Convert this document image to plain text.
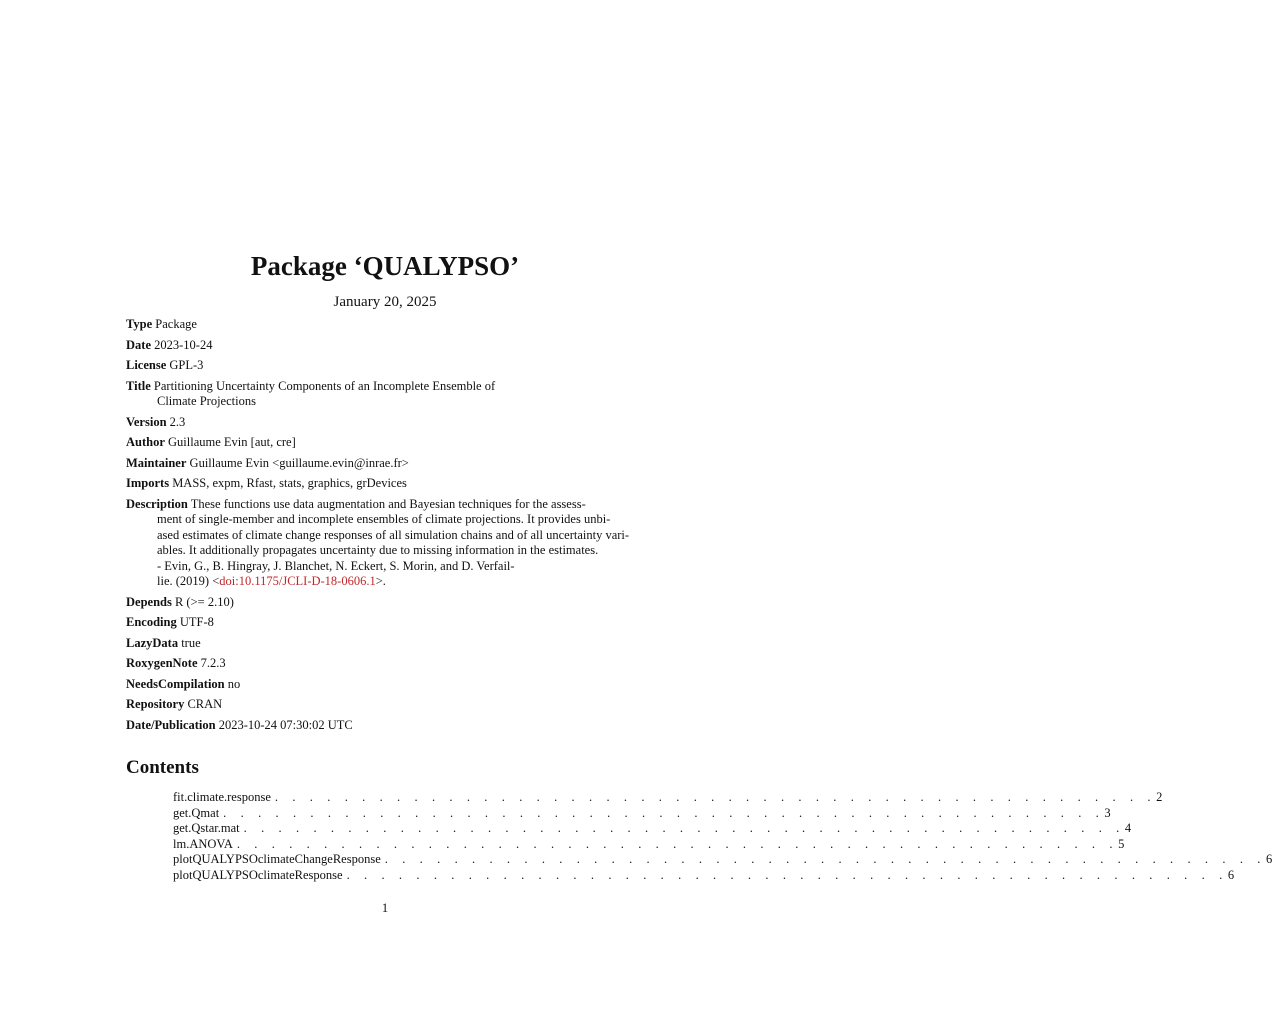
Package ‘QUALYPSO’
January 20, 2025
Type Package
Date 2023-10-24
License GPL-3
Title Partitioning Uncertainty Components of an Incomplete Ensemble of
Climate Projections
Version 2.3
Author Guillaume Evin [aut, cre]
Maintainer Guillaume Evin <guillaume.evin@inrae.fr>
Imports MASS, expm, Rfast, stats, graphics, grDevices
Description These functions use data augmentation and Bayesian techniques for the assess-
ment of single-member and incomplete ensembles of climate projections. It provides unbi-
ased estimates of climate change responses of all simulation chains and of all uncertainty vari-
ables. It additionally propagates uncertainty due to missing information in the estimates.
- Evin, G., B. Hingray, J. Blanchet, N. Eckert, S. Morin, and D. Verfail-
lie. (2019) <doi:10.1175/JCLI-D-18-0606.1>.
Depends R (>= 2.10)
Encoding UTF-8
LazyData true
RoxygenNote 7.2.3
NeedsCompilation no
Repository CRAN
Date/Publication 2023-10-24 07:30:02 UTC
Contents
fit.climate.response . . . . . . . . . . . . . . . . . . . . . . . . . . . . . . . . . . . . . . . . . . . . . . . . . . . 2
get.Qmat . . . . . . . . . . . . . . . . . . . . . . . . . . . . . . . . . . . . . . . . . . . . . . . . . . . 3
get.Qstar.mat . . . . . . . . . . . . . . . . . . . . . . . . . . . . . . . . . . . . . . . . . . . . . . . . . . . 4
lm.ANOVA . . . . . . . . . . . . . . . . . . . . . . . . . . . . . . . . . . . . . . . . . . . . . . . . . . . 5
plotQUALYPSOclimateChangeResponse . . . . . . . . . . . . . . . . . . . . . . . . . . . . . . . . . . . . . . . . . . . . . . . . . . . 6
plotQUALYPSOclimateResponse . . . . . . . . . . . . . . . . . . . . . . . . . . . . . . . . . . . . . . . . . . . . . . . . . . . 6
1
